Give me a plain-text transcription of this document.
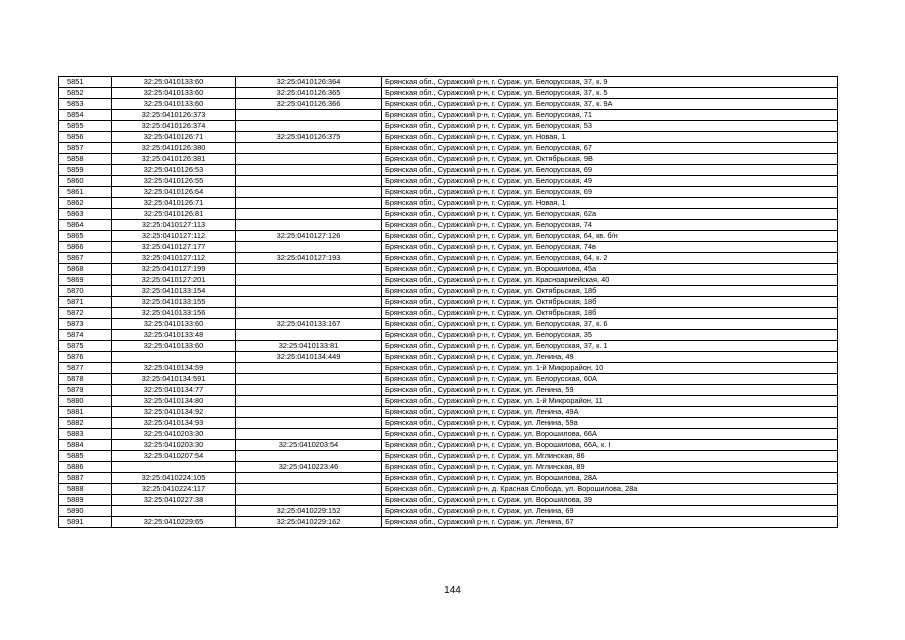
5851	32:25:0410133:60	32:25:0410126:364	Брянская обл., Суражский р-н, г. Сураж, ул. Белорусская, 37, к. 9
5852	32:25:0410133:60	32:25:0410126:365	Брянская обл., Суражский р-н, г. Сураж, ул. Белорусская, 37, к. 5
5853	32:25:0410133:60	32:25:0410126:366	Брянская обл., Суражский р-н, г. Сураж, ул. Белорусская, 37, к. 9А
5854	32:25:0410126:373		Брянская обл., Суражский р-н, г. Сураж, ул. Белорусская, 71
5855	32:25:0410126:374		Брянская обл., Суражский р-н, г. Сураж, ул. Белорусская, 53
5856	32:25:0410126:71	32:25:0410126:375	Брянская обл., Суражский р-н, г. Сураж, ул. Новая, 1
5857	32:25:0410126:380		Брянская обл., Суражский р-н, г. Сураж, ул. Белорусская, 67
5858	32:25:0410126:381		Брянская обл., Суражский р-н, г. Сураж, ул. Октябрьская, 9В
5859	32:25:0410126:53		Брянская обл., Суражский р-н, г. Сураж, ул. Белорусская, 69
5860	32:25:0410126:55		Брянская обл., Суражский р-н, г. Сураж, ул. Белорусская, 49
5861	32:25:0410126:64		Брянская обл., Суражский р-н, г. Сураж, ул. Белорусская, 69
5862	32:25:0410126:71		Брянская обл., Суражский р-н, г. Сураж, ул. Новая, 1
5863	32:25:0410126:81		Брянская обл., Суражский р-н, г. Сураж, ул. Белорусская, 62а
5864	32:25:0410127:113		Брянская обл., Суражский р-н, г. Сураж, ул. Белорусская, 74
5865	32:25:0410127:112	32:25:0410127:126	Брянская обл., Суражский р-н, г. Сураж, ул. Белорусская, 64, кв. б/н
5866	32:25:0410127:177		Брянская обл., Суражский р-н, г. Сураж, ул. Белорусская, 74в
5867	32:25:0410127:112	32:25:0410127:193	Брянская обл., Суражский р-н, г. Сураж, ул. Белорусская, 64, к. 2
5868	32:25:0410127:199		Брянская обл., Суражский р-н, г. Сураж, ул. Ворошилова, 45а
5869	32:25:0410127:201		Брянская обл., Суражский р-н, г. Сураж, ул. Красноармейская, 40
5870	32:25:0410133:154		Брянская обл., Суражский р-н, г. Сураж, ул. Октябрьская, 18б
5871	32:25:0410133:155		Брянская обл., Суражский р-н, г. Сураж, ул. Октябрьская, 18б
5872	32:25:0410133:156		Брянская обл., Суражский р-н, г. Сураж, ул. Октябрьская, 18б
5873	32:25:0410133:60	32:25:0410133:167	Брянская обл., Суражский р-н, г. Сураж, ул. Белорусская, 37, к. 6
5874	32:25:0410133:48		Брянская обл., Суражский р-н, г. Сураж, ул. Белорусская, 35
5875	32:25:0410133:60	32:25:0410133:81	Брянская обл., Суражский р-н, г. Сураж, ул. Белорусская, 37, к. 1
5876		32:25:0410134:449	Брянская обл., Суражский р-н, г. Сураж, ул. Ленина, 49
5877	32:25:0410134:59		Брянская обл., Суражский р-н, г. Сураж, ул. 1-й Микрорайон, 10
5878	32:25:0410134:591		Брянская обл., Суражский р-н, г. Сураж, ул. Белорусская, 60А
5879	32:25:0410134:77		Брянская обл., Суражский р-н, г. Сураж, ул. Ленина, 59
5880	32:25:0410134:80		Брянская обл., Суражский р-н, г. Сураж, ул. 1-й Микрорайон, 11
5881	32:25:0410134:92		Брянская обл., Суражский р-н, г. Сураж, ул. Ленина, 49А
5882	32:25:0410134:93		Брянская обл., Суражский р-н, г. Сураж, ул. Ленина, 59а
5883	32:25:0410203:30		Брянская обл., Суражский р-н, г. Сураж, ул. Ворошилова, 66А
5884	32:25:0410203:30	32:25:0410203:54	Брянская обл., Суражский р-н, г. Сураж, ул. Ворошилова, 66А, к. I
5885	32:25:0410207:54		Брянская обл., Суражский р-н, г. Сураж, ул. Мглинская, 86
5886		32:25:0410223:46	Брянская обл., Суражский р-н, г. Сураж, ул. Мглинская, 89
5887	32:25:0410224:105		Брянская обл., Суражский р-н, г. Сураж, ул. Ворошилова, 28А
5888	32:25:0410224:117		Брянская обл., Суражский р-н, д. Красная Слобода, ул. Ворошилова, 28а
5889	32:25:0410227:38		Брянская обл., Суражский р-н, г. Сураж, ул. Ворошилова, 39
5890		32:25:0410229:152	Брянская обл., Суражский р-н, г. Сураж, ул. Ленина, 69
5891	32:25:0410229:65	32:25:0410229:162	Брянская обл., Суражский р-н, г. Сураж, ул. Ленина, 67
144
